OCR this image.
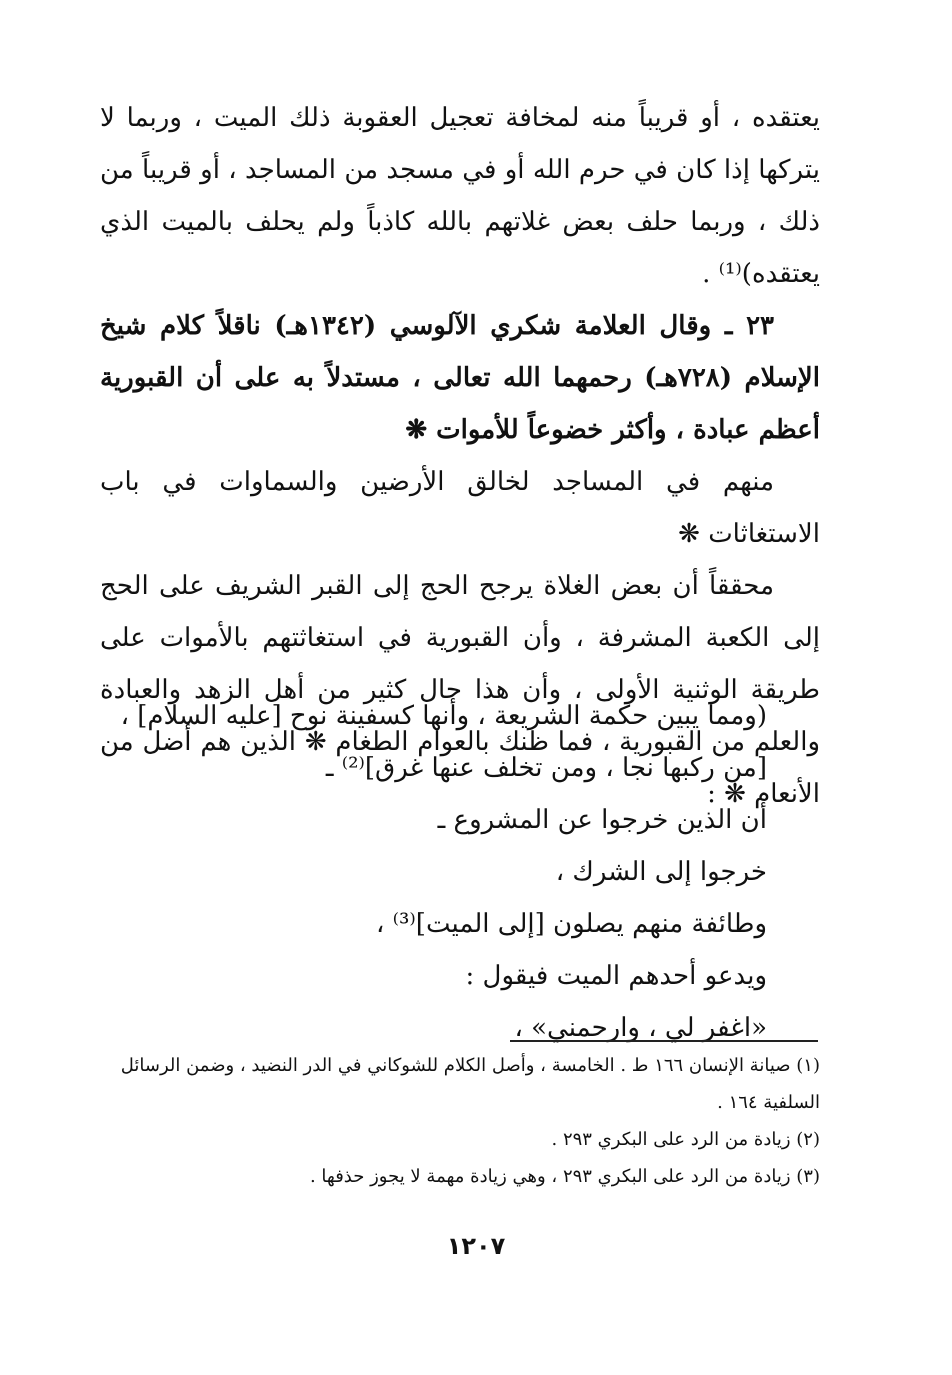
يعتقده ، أو قريباً منه لمخافة تعجيل العقوبة ذلك الميت ، وربما لا يتركها إذا كان في حرم الله أو في مسجد من المساجد ، أو قريباً من ذلك ، وربما حلف بعض غلاتهم بالله كاذباً ولم يحلف بالميت الذي يعتقده)⁽¹⁾ .

٢٣ ـ وقال العلامة شكري الآلوسي (١٣٤٢هـ) ناقلاً كلام شيخ الإسلام (٧٢٨هـ) رحمهما الله تعالى ، مستدلاً به على أن القبورية أعظم عبادة ، وأكثر خضوعاً للأموات ❋

منهم في المساجد لخالق الأرضين والسماوات في باب الاستغاثات ❋

محققاً أن بعض الغلاة يرجح الحج إلى القبر الشريف على الحج إلى الكعبة المشرفة ، وأن القبورية في استغاثتهم بالأموات على طريقة الوثنية الأولى ، وأن هذا حال كثير من أهل الزهد والعبادة والعلم من القبورية ، فما ظنك بالعوام الطغام ❋ الذين هم أضل من الأنعام ❋ :

(ومما يبين حكمة الشريعة ، وأنها كسفينة نوح [عليه السلام] ،

[من ركبها نجا ، ومن تخلف عنها غرق]⁽²⁾ ـ

أن الذين خرجوا عن المشروع ـ

خرجوا إلى الشرك ،

وطائفة منهم يصلون [إلى الميت]⁽³⁾ ،

ويدعو أحدهم الميت فيقول :

«اغفر لي ، وارحمني» ،

(١) صيانة الإنسان ١٦٦ ط . الخامسة ، وأصل الكلام للشوكاني في الدر النضيد ، وضمن الرسائل السلفية ١٦٤ .

(٢) زيادة من الرد على البكري ٢٩٣ .

(٣) زيادة من الرد على البكري ٢٩٣ ، وهي زيادة مهمة لا يجوز حذفها .

١٢٠٧
